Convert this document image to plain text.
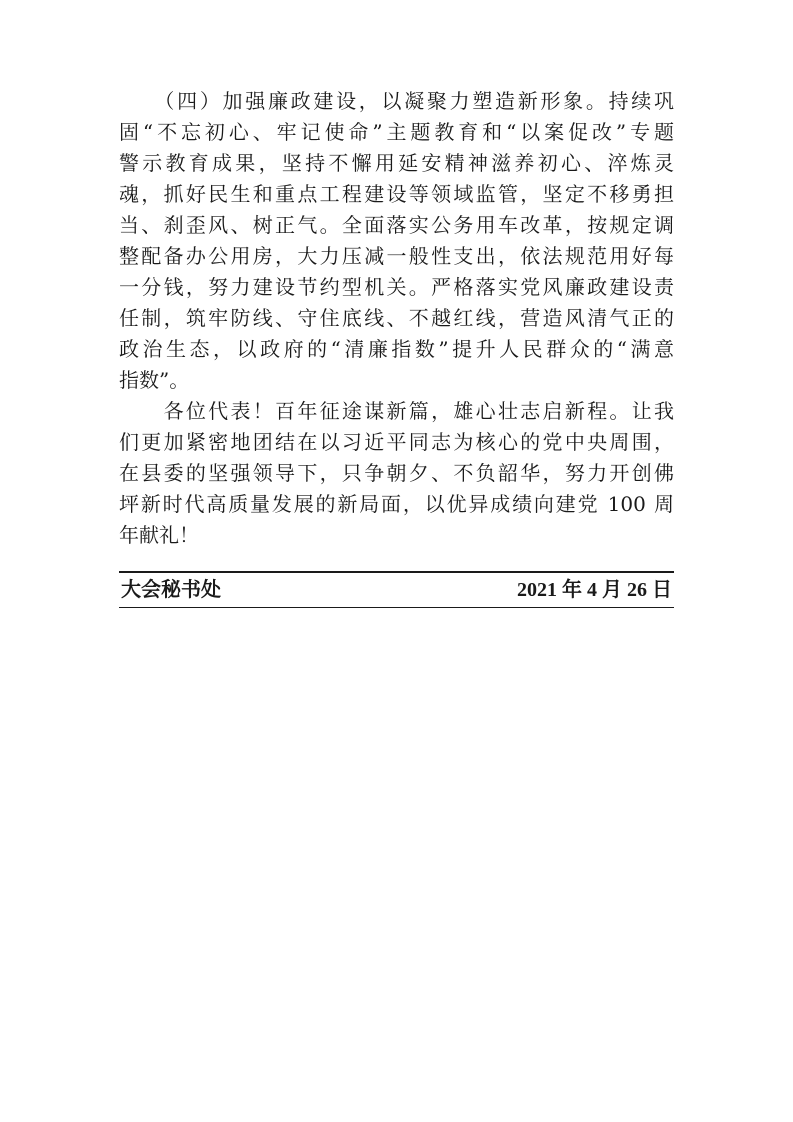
　　（四）加强廉政建设，以凝聚力塑造新形象。持续巩
固“不忘初心、牢记使命”主题教育和“以案促改”专题
警示教育成果，坚持不懈用延安精神滋养初心、淬炼灵
魂，抓好民生和重点工程建设等领域监管，坚定不移勇担
当、刹歪风、树正气。全面落实公务用车改革，按规定调
整配备办公用房，大力压减一般性支出，依法规范用好每
一分钱，努力建设节约型机关。严格落实党风廉政建设责
任制，筑牢防线、守住底线、不越红线，营造风清气正的
政治生态，以政府的“清廉指数”提升人民群众的“满意
指数”。
　　各位代表！百年征途谋新篇，雄心壮志启新程。让我
们更加紧密地团结在以习近平同志为核心的党中央周围，
在县委的坚强领导下，只争朝夕、不负韶华，努力开创佛
坪新时代高质量发展的新局面，以优异成绩向建党 100 周
年献礼！
大会秘书处	2021 年 4 月 26 日
